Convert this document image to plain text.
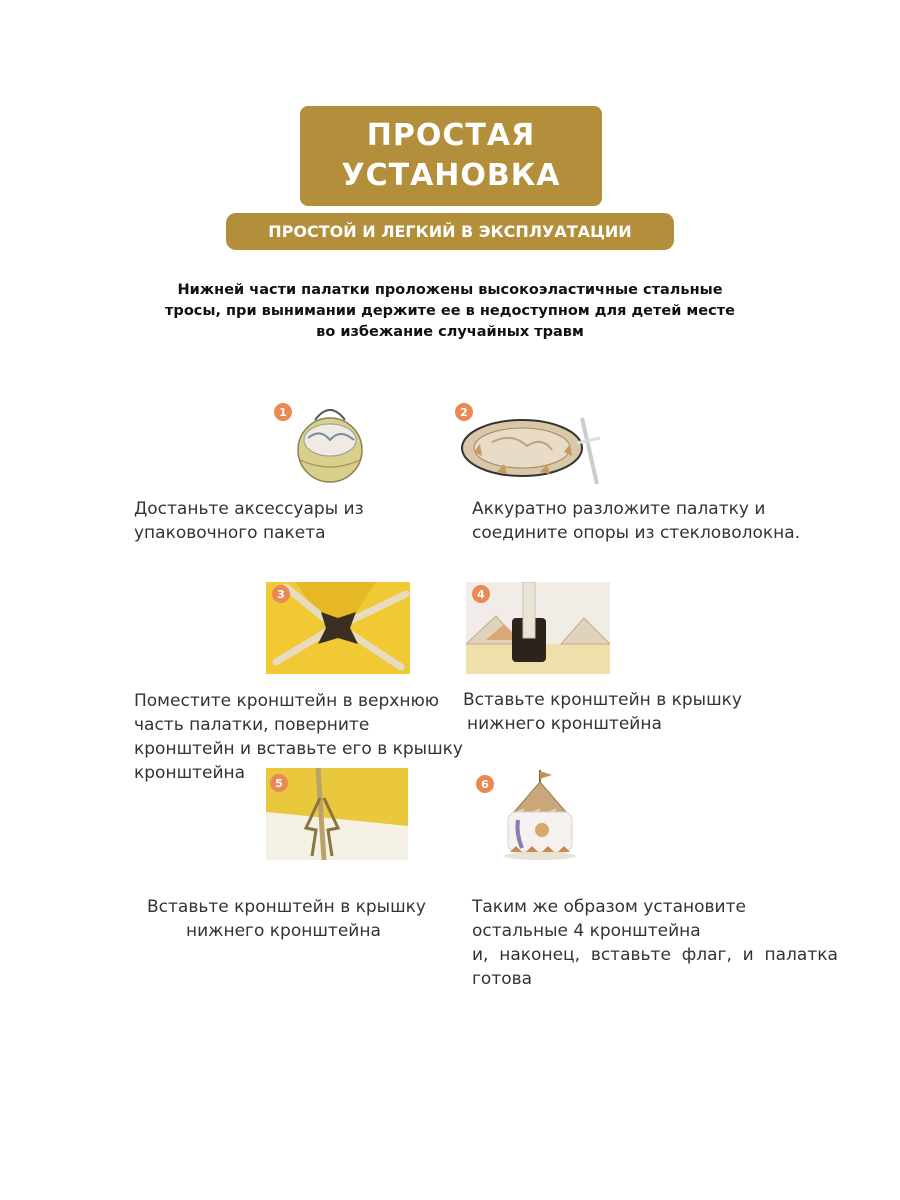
ПРОСТАЯ
УСТАНОВКА
ПРОСТОЙ И ЛЕГКИЙ В ЭКСПЛУАТАЦИИ
Нижней части палатки проложены высокоэластичные стальные
тросы, при вынимании держите ее в недоступном для детей месте
во избежание случайных травм
1	2
Достаньте аксессуары из
упаковочного пакета
Аккуратно разложите палатку и
соедините опоры из стекловолокна.
3	4
Поместите кронштейн в верхнюю
часть палатки, поверните
кронштейн и вставьте его в крышку
кронштейна
Вставьте кронштейн в крышку
нижнего кронштейна
5	6
Вставьте кронштейн в крышку
нижнего кронштейна
Таким же образом установите
остальные 4 кронштейна
и,  наконец,  вставьте  флаг,  и  палатка
готова
